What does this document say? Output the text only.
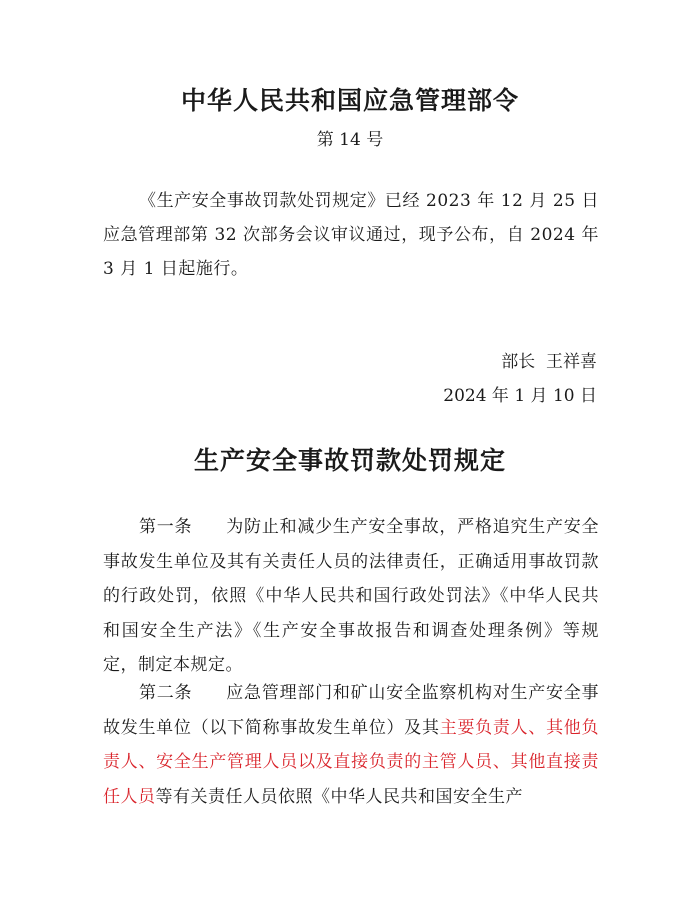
中华人民共和国应急管理部令
第 14 号
《生产安全事故罚款处罚规定》已经 2023 年 12 月 25 日应急管理部第 32 次部务会议审议通过，现予公布，自 2024 年 3 月 1 日起施行。
部长  王祥喜
2024 年 1 月 10 日
生产安全事故罚款处罚规定
第一条 为防止和减少生产安全事故，严格追究生产安全事故发生单位及其有关责任人员的法律责任，正确适用事故罚款的行政处罚，依照《中华人民共和国行政处罚法》《中华人民共和国安全生产法》《生产安全事故报告和调查处理条例》等规定，制定本规定。
第二条 应急管理部门和矿山安全监察机构对生产安全事故发生单位（以下简称事故发生单位）及其主要负责人、其他负责人、安全生产管理人员以及直接负责的主管人员、其他直接责任人员等有关责任人员依照《中华人民共和国安全生产
